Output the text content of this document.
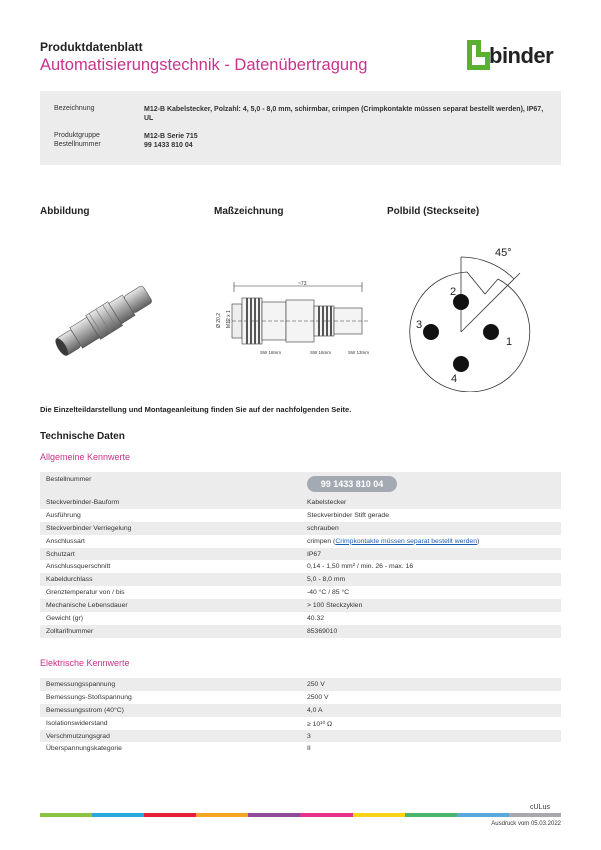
Produktdatenblatt
Automatisierungstechnik - Datenübertragung	binder
Bezeichnung	M12-B Kabelstecker, Polzahl: 4, 5,0 - 8,0 mm, schirmbar, crimpen (Crimpkontakte müssen separat bestellt werden), IP67, UL
Produktgruppe	M12-B Serie 715
Bestellnummer	99 1433 810 04
Abbildung	Maßzeichnung	Polbild (Steckseite)
~73
Ø 20,2 M12 x 1
SW 18mm	SW 16mm	SW 13mm
45°
1
2
3
4
Die Einzelteildarstellung und Montageanleitung finden Sie auf der nachfolgenden Seite.
Technische Daten
Allgemeine Kennwerte
Bestellnummer	99 1433 810 04
Steckverbinder-Bauform	Kabelstecker
Ausführung	Steckverbinder Stift gerade
Steckverbinder Verriegelung	schrauben
Anschlussart	crimpen (Crimpkontakte müssen separat bestellt werden)
Schutzart	IP67
Anschlussquerschnitt	0,14 - 1,50 mm² / min. 26 - max. 16
Kabeldurchlass	5,0 - 8,0 mm
Grenztemperatur von / bis	-40 °C / 85 °C
Mechanische Lebensdauer	> 100 Steckzyklen
Gewicht (gr)	40.32
Zolltarifnummer	85369010
Elektrische Kennwerte
Bemessungsspannung	250 V
Bemessungs-Stoßspannung	2500 V
Bemessungsstrom (40°C)	4,0 A
Isolationswiderstand	≥ 10¹⁰ Ω
Verschmutzungsgrad	3
Überspannungskategorie	II
cULus
Ausdruck vom 05.03.2022
